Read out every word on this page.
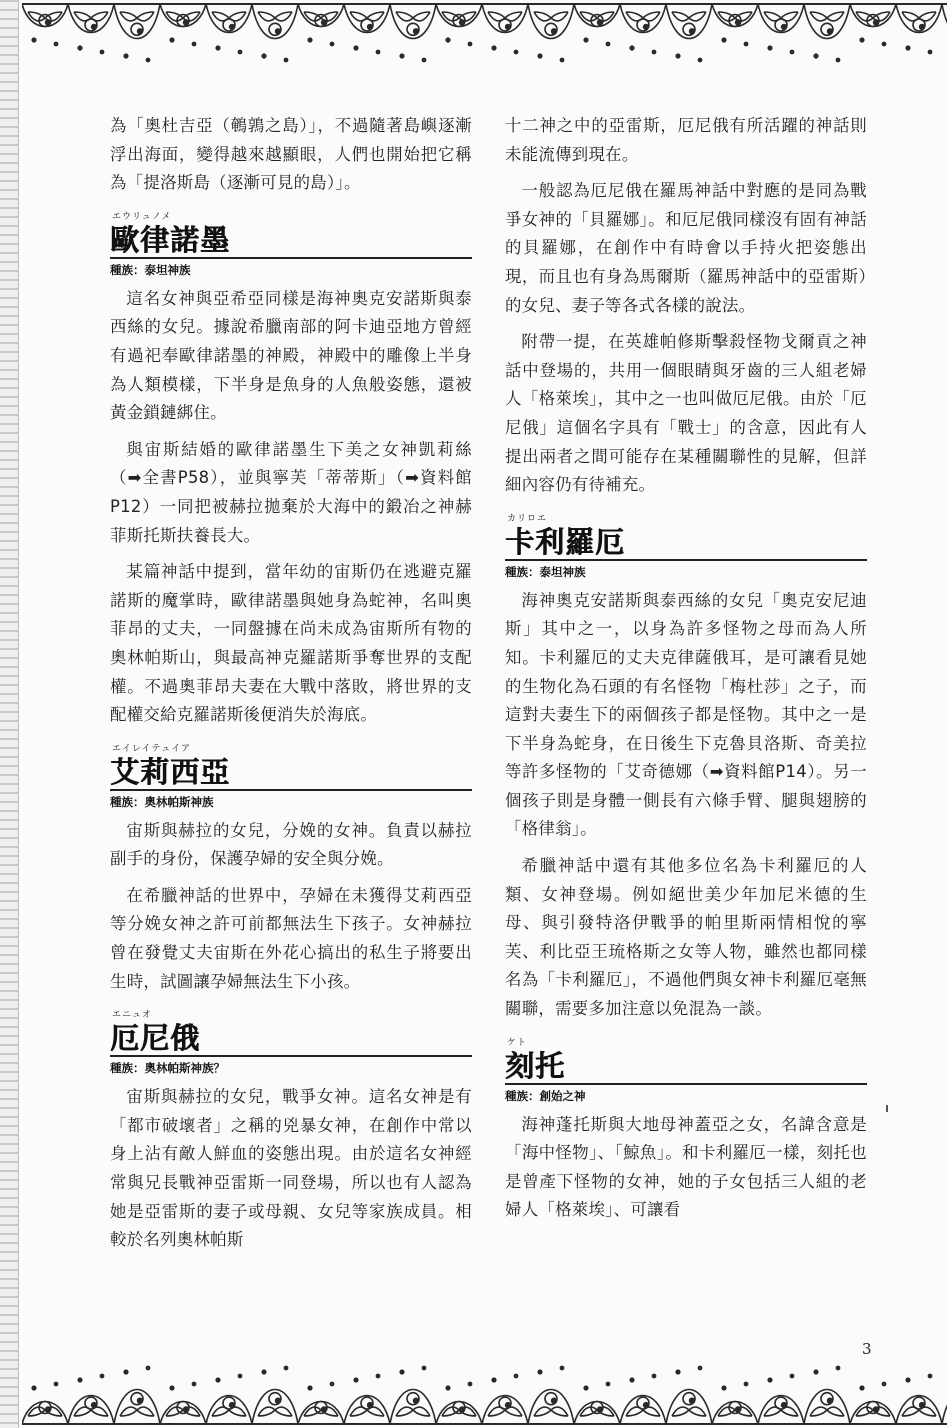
為「奧杜吉亞（鵪鶉之島）」，不過隨著島嶼逐漸浮出海面，變得越來越顯眼，人們也開始把它稱為「提洛斯島（逐漸可見的島）」。

エウリュノメ
歐律諾墨
種族：泰坦神族

這名女神與亞希亞同樣是海神奧克安諾斯與泰西絲的女兒。據說希臘南部的阿卡迪亞地方曾經有過祀奉歐律諾墨的神殿，神殿中的雕像上半身為人類模樣，下半身是魚身的人魚般姿態，還被黃金鎖鏈綁住。

與宙斯結婚的歐律諾墨生下美之女神凱莉絲（➡全書P58），並與寧芙「蒂蒂斯」（➡資料館P12）一同把被赫拉拋棄於大海中的鍛冶之神赫菲斯托斯扶養長大。

某篇神話中提到，當年幼的宙斯仍在逃避克羅諾斯的魔掌時，歐律諾墨與她身為蛇神，名叫奧菲昂的丈夫，一同盤據在尚未成為宙斯所有物的奧林帕斯山，與最高神克羅諾斯爭奪世界的支配權。不過奧菲昂夫妻在大戰中落敗，將世界的支配權交給克羅諾斯後便消失於海底。

エイレイテュイア
艾莉西亞
種族：奧林帕斯神族

宙斯與赫拉的女兒，分娩的女神。負責以赫拉副手的身份，保護孕婦的安全與分娩。

在希臘神話的世界中，孕婦在未獲得艾莉西亞等分娩女神之許可前都無法生下孩子。女神赫拉曾在發覺丈夫宙斯在外花心搞出的私生子將要出生時，試圖讓孕婦無法生下小孩。

エニュオ
厄尼俄
種族：奧林帕斯神族？

宙斯與赫拉的女兒，戰爭女神。這名女神是有「都市破壞者」之稱的兇暴女神，在創作中常以身上沾有敵人鮮血的姿態出現。由於這名女神經常與兄長戰神亞雷斯一同登場，所以也有人認為她是亞雷斯的妻子或母親、女兒等家族成員。相較於名列奧林帕斯

十二神之中的亞雷斯，厄尼俄有所活躍的神話則未能流傳到現在。

一般認為厄尼俄在羅馬神話中對應的是同為戰爭女神的「貝羅娜」。和厄尼俄同樣沒有固有神話的貝羅娜，在創作中有時會以手持火把姿態出現，而且也有身為馬爾斯（羅馬神話中的亞雷斯）的女兒、妻子等各式各樣的說法。

附帶一提，在英雄帕修斯擊殺怪物戈爾貢之神話中登場的，共用一個眼睛與牙齒的三人組老婦人「格萊埃」，其中之一也叫做厄尼俄。由於「厄尼俄」這個名字具有「戰士」的含意，因此有人提出兩者之間可能存在某種關聯性的見解，但詳細內容仍有待補充。

カリロエ
卡利羅厄
種族：泰坦神族

海神奧克安諾斯與泰西絲的女兒「奧克安尼迪斯」其中之一，以身為許多怪物之母而為人所知。卡利羅厄的丈夫克律薩俄耳，是可讓看見她的生物化為石頭的有名怪物「梅杜莎」之子，而這對夫妻生下的兩個孩子都是怪物。其中之一是下半身為蛇身，在日後生下克魯貝洛斯、奇美拉等許多怪物的「艾奇德娜（➡資料館P14）。另一個孩子則是身體一側長有六條手臂、腿與翅膀的「格律翁」。

希臘神話中還有其他多位名為卡利羅厄的人類、女神登場。例如絕世美少年加尼米德的生母、與引發特洛伊戰爭的帕里斯兩情相悅的寧芙、利比亞王琉格斯之女等人物，雖然也都同樣名為「卡利羅厄」，不過他們與女神卡利羅厄毫無關聯，需要多加注意以免混為一談。

ケト
刻托
種族：創始之神

海神蓬托斯與大地母神蓋亞之女，名諱含意是「海中怪物」、「鯨魚」。和卡利羅厄一樣，刻托也是曾產下怪物的女神，她的子女包括三人組的老婦人「格萊埃」、可讓看

3
